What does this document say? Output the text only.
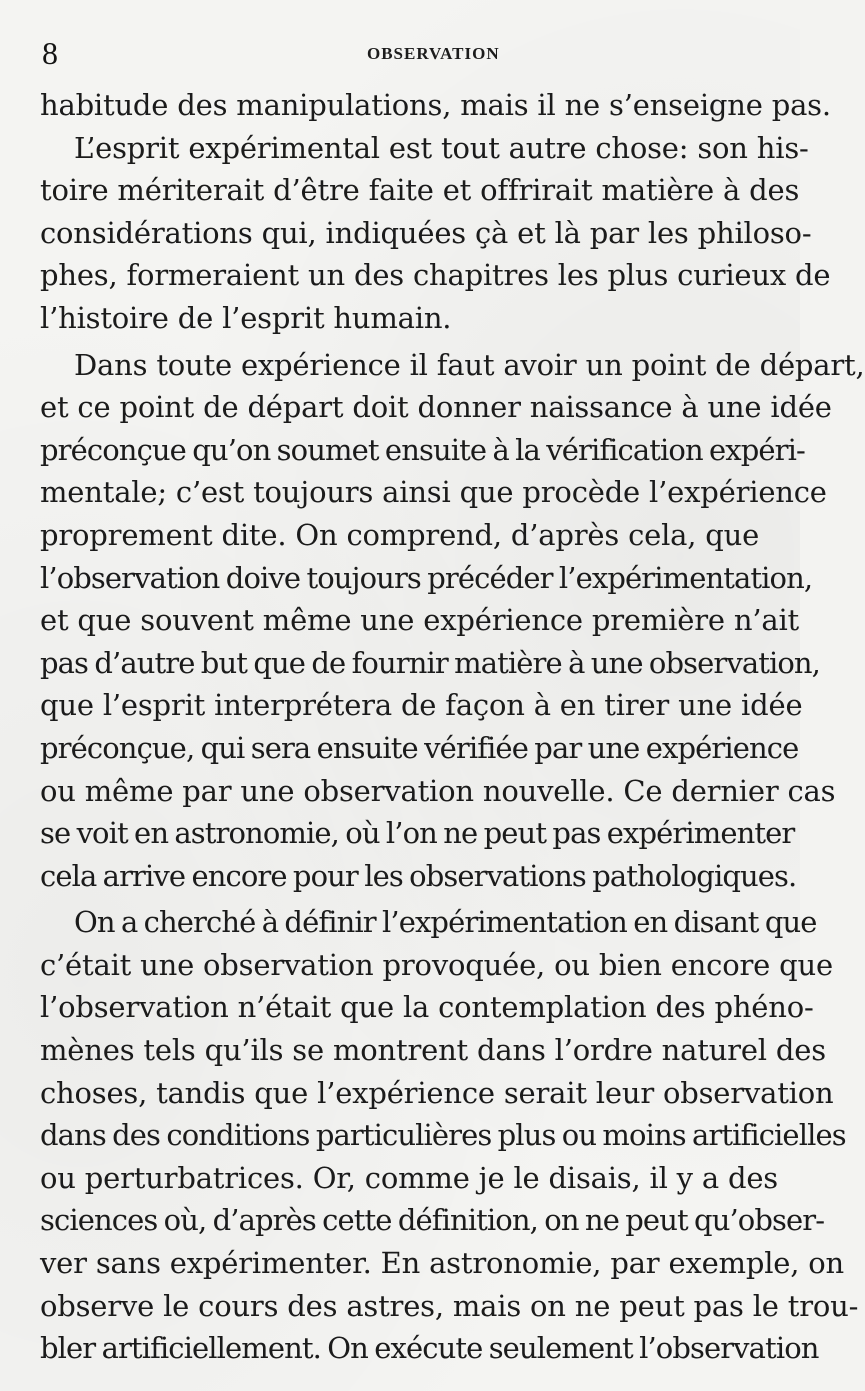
8	OBSERVATION
habitude des manipulations, mais il ne s’enseigne pas.
L’esprit expérimental est tout autre chose: son his-
toire mériterait d’être faite et offrirait matière à des
considérations qui, indiquées çà et là par les philoso-
phes, formeraient un des chapitres les plus curieux de
l’histoire de l’esprit humain.
Dans toute expérience il faut avoir un point de départ,
et ce point de départ doit donner naissance à une idée
préconçue qu’on soumet ensuite à la vérification expéri-
mentale; c’est toujours ainsi que procède l’expérience
proprement dite. On comprend, d’après cela, que
l’observation doive toujours précéder l’expérimentation,
et que souvent même une expérience première n’ait
pas d’autre but que de fournir matière à une observation,
que l’esprit interprétera de façon à en tirer une idée
préconçue, qui sera ensuite vérifiée par une expérience
ou même par une observation nouvelle. Ce dernier cas
se voit en astronomie, où l’on ne peut pas expérimenter
cela arrive encore pour les observations pathologiques.
On a cherché à définir l’expérimentation en disant que
c’était une observation provoquée, ou bien encore que
l’observation n’était que la contemplation des phéno-
mènes tels qu’ils se montrent dans l’ordre naturel des
choses, tandis que l’expérience serait leur observation
dans des conditions particulières plus ou moins artificielles
ou perturbatrices. Or, comme je le disais, il y a des
sciences où, d’après cette définition, on ne peut qu’obser-
ver sans expérimenter. En astronomie, par exemple, on
observe le cours des astres, mais on ne peut pas le trou-
bler artificiellement. On exécute seulement l’observation
